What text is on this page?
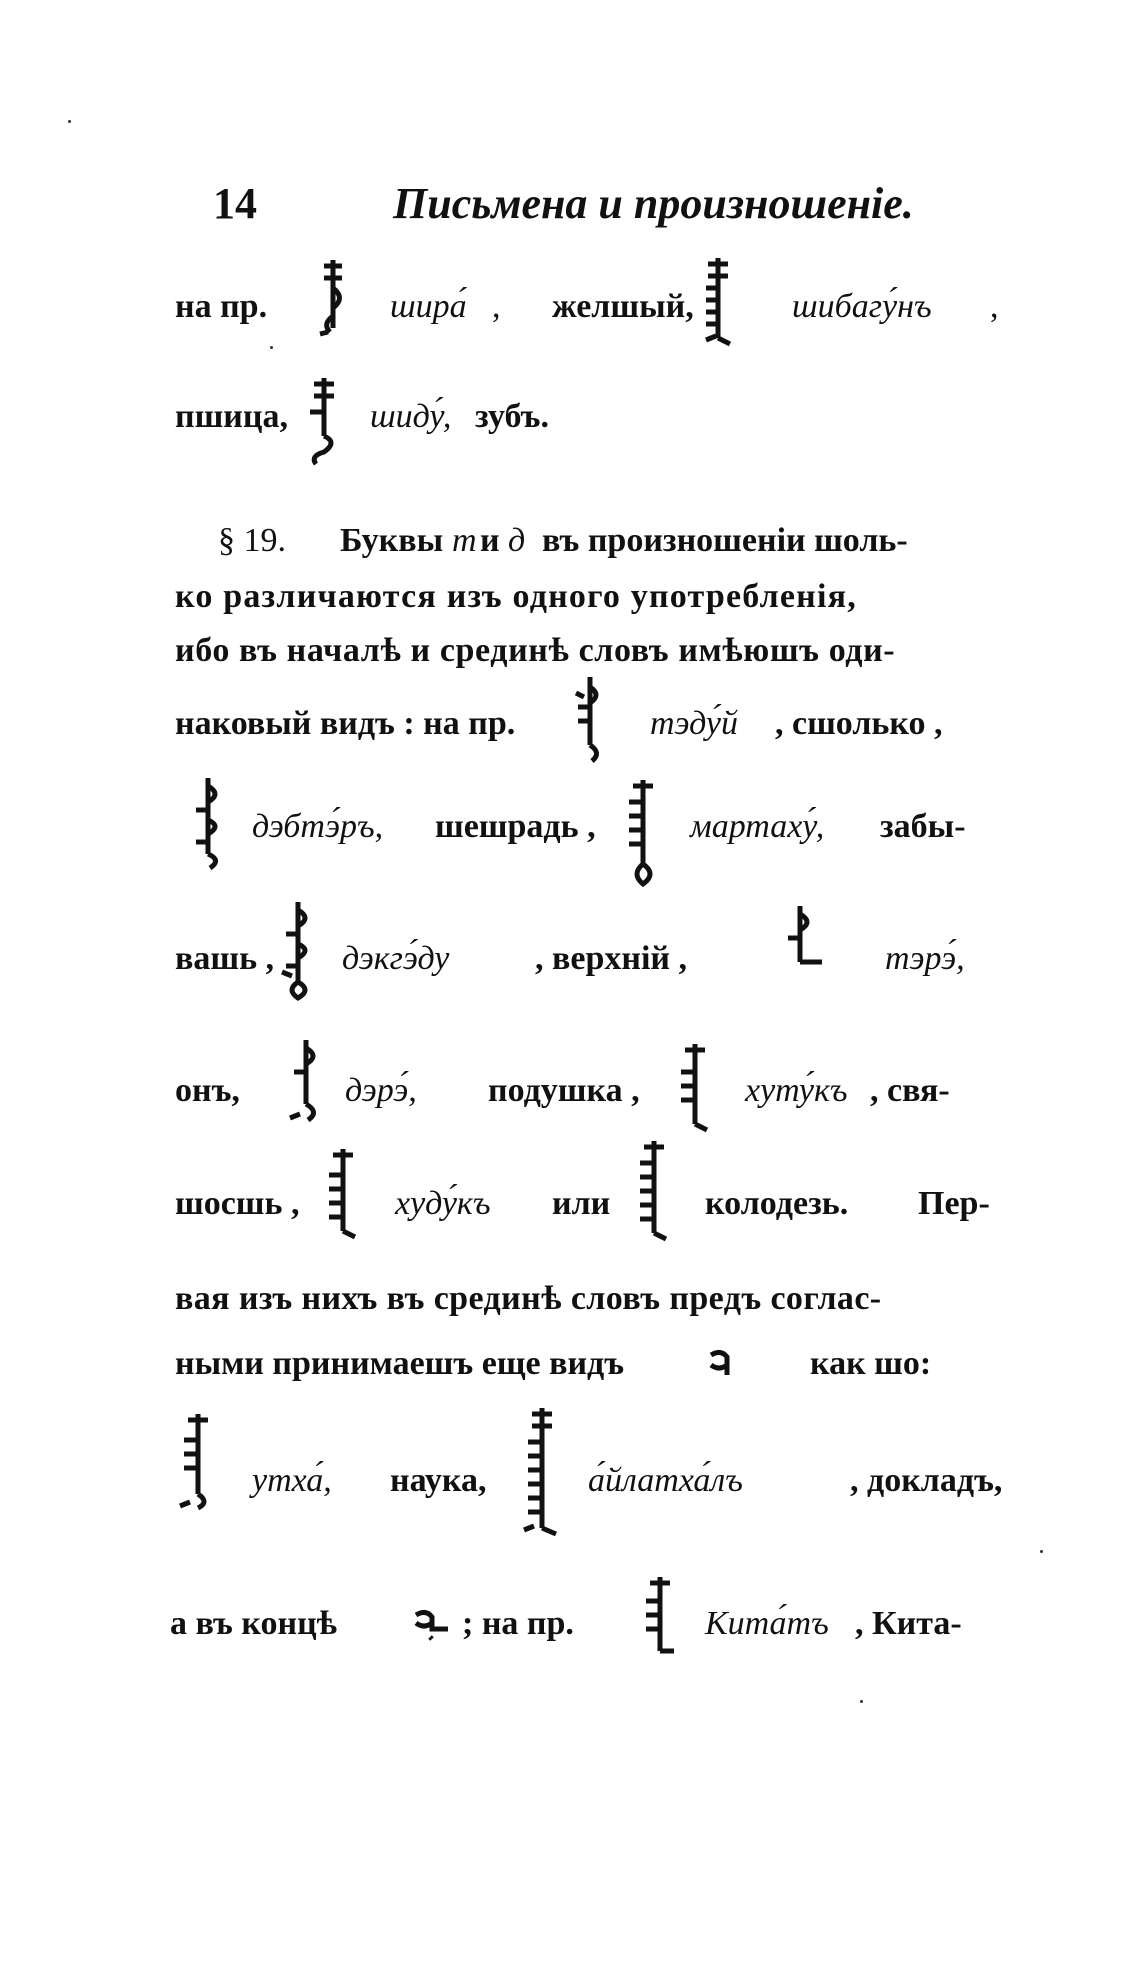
14	Письмена и произношеніе.
на пр.	шира́ , желшый,	шибагу́нъ ,
пшица, шиду́, зубъ.
§ 19. Буквы т и д въ произношеніи шоль-
ко различаются изъ одного употребленія,
ибо въ началѣ и срединѣ словъ имѣюшъ оди-
наковый видъ : на пр.	тэду́й , сшолько ,
дэбтэ́ръ, шешрадь ,	мартаху́, забы-
вашь , дэкгэ́ду	, верхній ,	тэрэ́,
онъ,	дэрэ́, подушка ,	хуту́къ , свя-
шосшь ,	худу́къ или	колодезь. Пер-
вая изъ нихъ въ срединѣ словъ предъ соглас-
ными принимаешъ еще видъ	как шо:
утха́, наука,	а́йлатха́лъ	, докладъ,
а въ концѣ	; на пр.	Кита́тъ , Кита-
